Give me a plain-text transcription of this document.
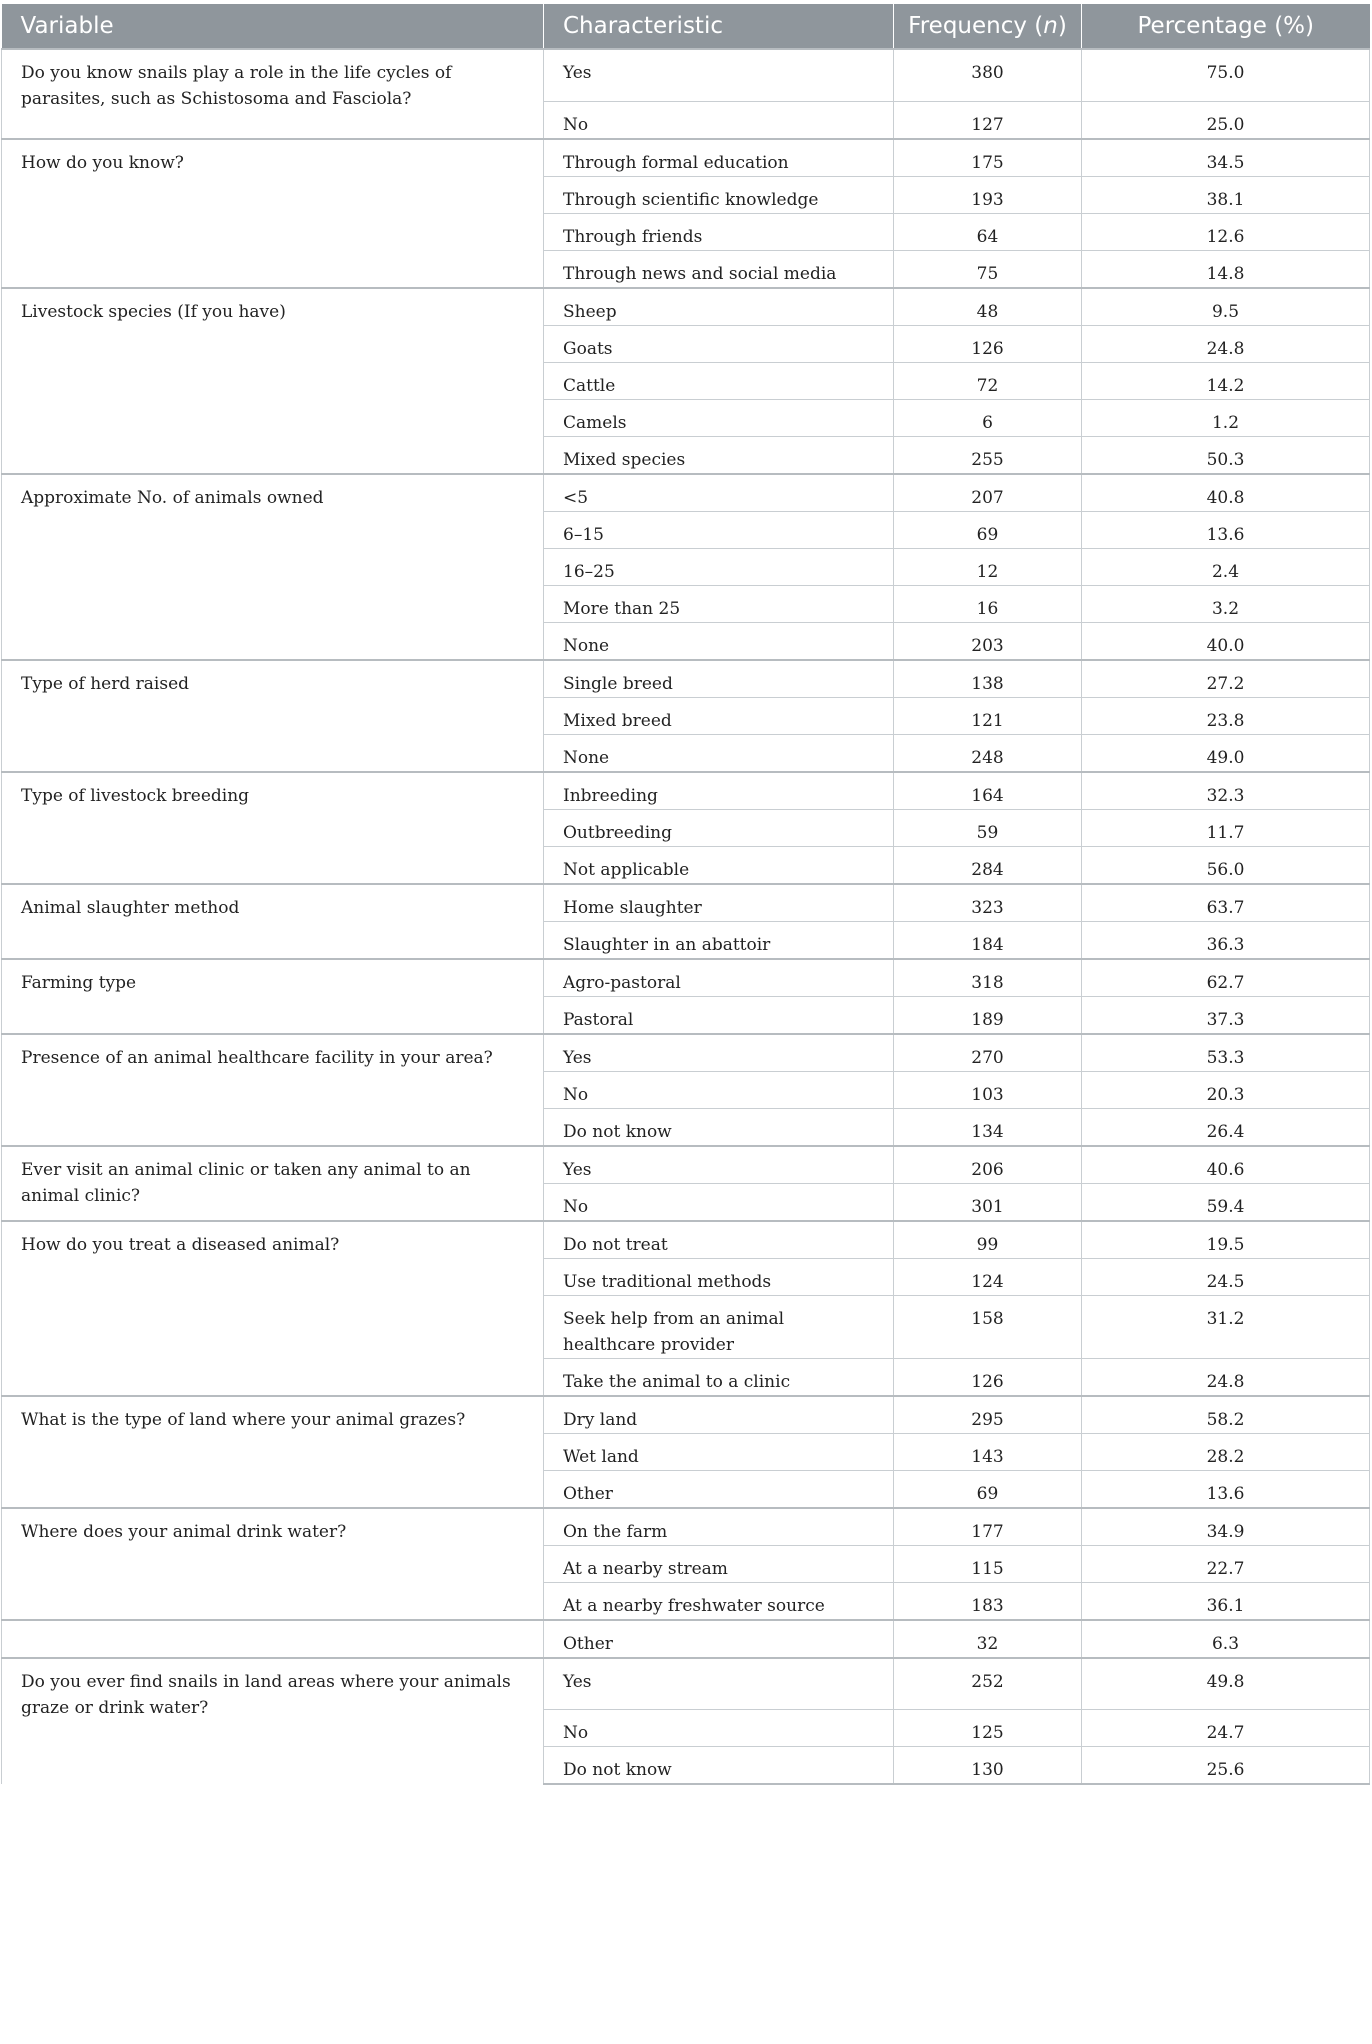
Variable	Characteristic	Frequency (n)	Percentage (%)
Do you know snails play a role in the life cycles of parasites, such as Schistosoma and Fasciola?	Yes	380	75.0
	No	127	25.0
How do you know?	Through formal education	175	34.5
	Through scientific knowledge	193	38.1
	Through friends	64	12.6
	Through news and social media	75	14.8
Livestock species (If you have)	Sheep	48	9.5
	Goats	126	24.8
	Cattle	72	14.2
	Camels	6	1.2
	Mixed species	255	50.3
Approximate No. of animals owned	<5	207	40.8
	6–15	69	13.6
	16–25	12	2.4
	More than 25	16	3.2
	None	203	40.0
Type of herd raised	Single breed	138	27.2
	Mixed breed	121	23.8
	None	248	49.0
Type of livestock breeding	Inbreeding	164	32.3
	Outbreeding	59	11.7
	Not applicable	284	56.0
Animal slaughter method	Home slaughter	323	63.7
	Slaughter in an abattoir	184	36.3
Farming type	Agro-pastoral	318	62.7
	Pastoral	189	37.3
Presence of an animal healthcare facility in your area?	Yes	270	53.3
	No	103	20.3
	Do not know	134	26.4
Ever visit an animal clinic or taken any animal to an animal clinic?	Yes	206	40.6
	No	301	59.4
How do you treat a diseased animal?	Do not treat	99	19.5
	Use traditional methods	124	24.5
	Seek help from an animal healthcare provider	158	31.2
	Take the animal to a clinic	126	24.8
What is the type of land where your animal grazes?	Dry land	295	58.2
	Wet land	143	28.2
	Other	69	13.6
Where does your animal drink water?	On the farm	177	34.9
	At a nearby stream	115	22.7
	At a nearby freshwater source	183	36.1
	Other	32	6.3
Do you ever find snails in land areas where your animals graze or drink water?	Yes	252	49.8
	No	125	24.7
	Do not know	130	25.6
